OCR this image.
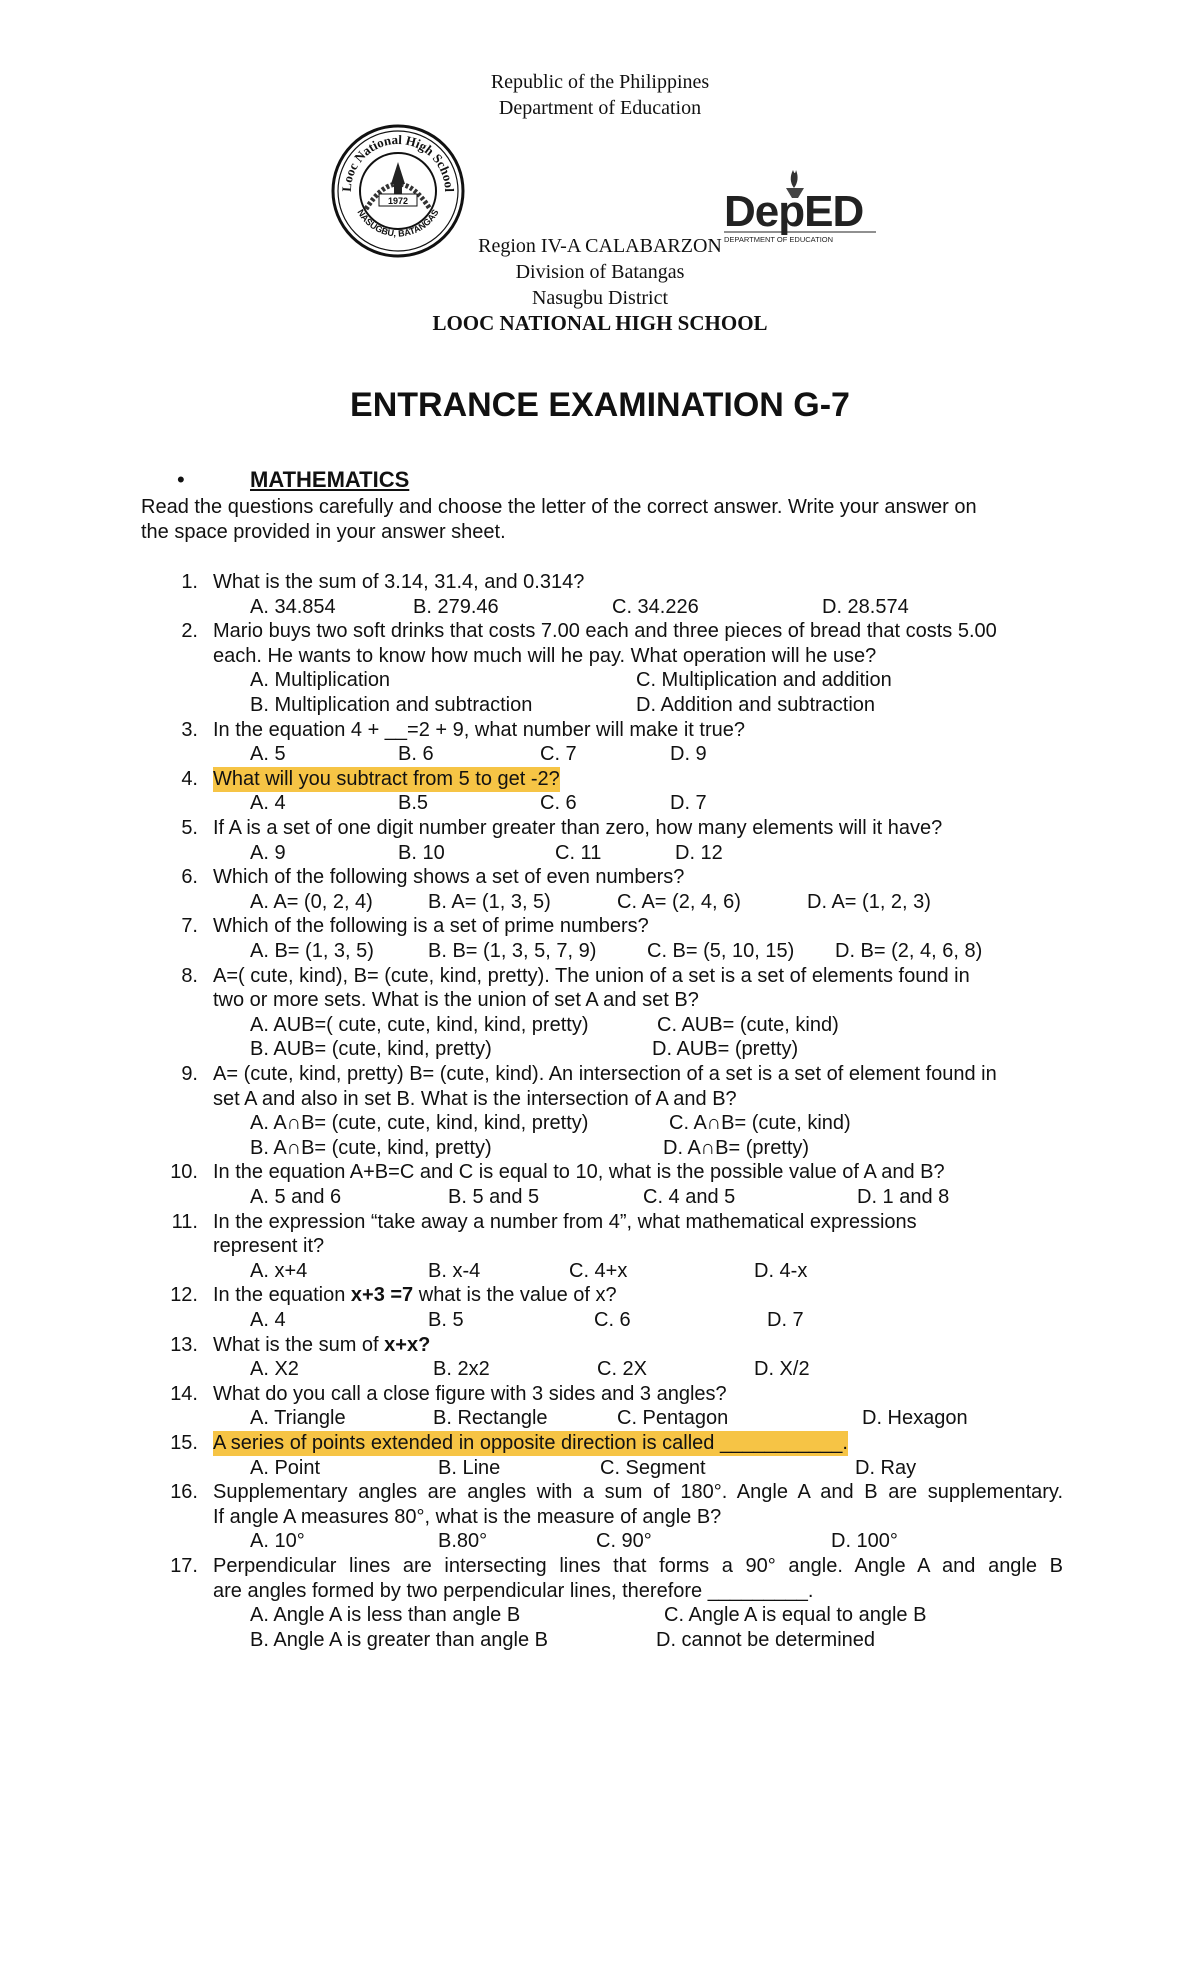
Republic of the Philippines
Department of Education
Looc National High School
NASUGBU, BATANGAS
1972	DepED
DEPARTMENT OF EDUCATION
Region IV-A CALABARZON
Division of Batangas
Nasugbu District
LOOC NATIONAL HIGH SCHOOL
ENTRANCE EXAMINATION G-7
•	MATHEMATICS
Read the questions carefully and choose the letter of the correct answer. Write your answer on
the space provided in your answer sheet.
1. What is the sum of 3.14, 31.4, and 0.314?
A. 34.854	B. 279.46	C. 34.226	D. 28.574
2. Mario buys two soft drinks that costs 7.00 each and three pieces of bread that costs 5.00
each. He wants to know how much will he pay. What operation will he use?
A. Multiplication	C. Multiplication and addition
B. Multiplication and subtraction	D. Addition and subtraction
3. In the equation 4 + __=2 + 9, what number will make it true?
A. 5	B. 6	C. 7	D. 9
4. What will you subtract from 5 to get -2?
A. 4	B.5	C. 6	D. 7
5. If A is a set of one digit number greater than zero, how many elements will it have?
A. 9	B. 10	C. 11	D. 12
6. Which of the following shows a set of even numbers?
A. A= (0, 2, 4)	B. A= (1, 3, 5)	C. A= (2, 4, 6)	D. A= (1, 2, 3)
7. Which of the following is a set of prime numbers?
A. B= (1, 3, 5)	B. B= (1, 3, 5, 7, 9)	C. B= (5, 10, 15) D. B= (2, 4, 6, 8)
8. A=( cute, kind), B= (cute, kind, pretty). The union of a set is a set of elements found in
two or more sets. What is the union of set A and set B?
A. AUB=( cute, cute, kind, kind, pretty)	C. AUB= (cute, kind)
B. AUB= (cute, kind, pretty)	D. AUB= (pretty)
9. A= (cute, kind, pretty) B= (cute, kind). An intersection of a set is a set of element found in
set A and also in set B. What is the intersection of A and B?
A. A∩B= (cute, cute, kind, kind, pretty)	C. A∩B= (cute, kind)
B. A∩B= (cute, kind, pretty)	D. A∩B= (pretty)
10. In the equation A+B=C and C is equal to 10, what is the possible value of A and B?
A. 5 and 6	B. 5 and 5	C. 4 and 5	D. 1 and 8
11. In the expression “take away a number from 4”, what mathematical expressions
represent it?
A. x+4	B. x-4	C. 4+x	D. 4-x
12. In the equation x+3 =7 what is the value of x?
A. 4	B. 5	C. 6	D. 7
13. What is the sum of x+x?
A. X2	B. 2x2	C. 2X	D. X/2
14. What do you call a close figure with 3 sides and 3 angles?
A. Triangle	B. Rectangle	C. Pentagon	D. Hexagon
15. A series of points extended in opposite direction is called ___________.
A. Point	B. Line	C. Segment	D. Ray
16. Supplementary angles are angles with a sum of 180°. Angle A and B are supplementary.
If angle A measures 80°, what is the measure of angle B?
A. 10°	B.80°	C. 90°	D. 100°
17. Perpendicular lines are intersecting lines that forms a 90° angle. Angle A and angle B
are angles formed by two perpendicular lines, therefore _________.
A. Angle A is less than angle B	C. Angle A is equal to angle B
B. Angle A is greater than angle B	D. cannot be determined
